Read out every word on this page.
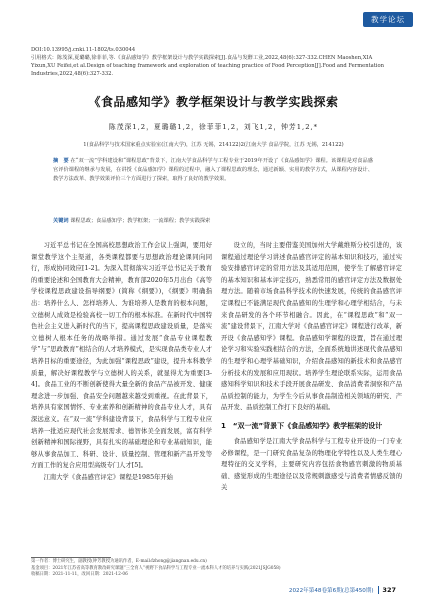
教学论坛
DOI:10.13995/j.cnki.11-1802/ts.030044
引用格式：陈茂深,夏璐璐,徐菲菲,等.《食品感知学》教学框架设计与教学实践探索[J].食品与发酵工业,2022,48(6):327-332.CHEN Maoshen,XIA Yixun,XU Feifei,et al.Design of teaching framework and exploration of teaching practice of Food Perception[J].Food and Fermentation Industries,2022,48(6):327-332.
《食品感知学》教学框架设计与教学实践探索
陈茂深1,2，夏璐璐1,2，徐菲菲1,2，刘飞1,2，钟芳1,2,*
1(食品科学与技术国家重点实验室(江南大学)，江苏 无锡，214122)2(江南大学 食品学院，江苏 无锡，214122)
摘　要 在“双一流”学科建设和“课程思政”背景下，江南大学食品科学与工程专业于2019年开设了《食品感知学》课程。该课程是对食品感官评价课程的继承与发展，在讲授《食品感知学》课程的过程中，融入了课程思政的理念，通过新颖、实用的教学方式，从课程内容设计、教学方法改革、教学效果评价三个方面进行了探索，取得了良好的教学效果。
关键词 课程思政；食品感知学；教学框架；一流课程；教学实践探索

习近平总书记在全国高校思想政治工作会议上强调，要用好课堂教学这个主渠道，各类课程都要与思想政治理论课同向同行，形成协同效应[1-2]。为深入贯彻落实习近平总书记关于教育的重要论述和全国教育大会精神，教育部2020年5月出台《高等学校课程思政建设指导纲要》(简称《纲要》)，《纲要》明确指出：培养什么人、怎样培养人、为谁培养人是教育的根本问题，立德树人成效是检验高校一切工作的根本标准。在新时代中国特色社会主义进入新时代的当下，提高课程思政建设质量，是落实立德树人根本任务的战略举措。通过发展“食品专业课程教学”与“思政教育”相结合的人才培养模式，是实现食品类专业人才培养目标的重要途径，为此加强“课程思政”建设，提升本科教学质量，解决好课程教学与立德树人的关系，就显得尤为重要[3-4]。食品工业的不断创新使得大量全新的食品产品被开发、健康理念进一步加强、食品安全问题越来越受到重视。在此背景下，培养具有家国情怀、专业素养和创新精神的食品专业人才，具有深远意义。在“双一流”学科建设背景下，食品科学与工程专业应培养一批适应现代社会发展需求、德智体美全面发展，富有科学创新精神和国际视野，具有扎实的基础理论和专业基础知识，能够从事食品加工、科研、设计、质量控制、管理和新产品开发等方面工作的复合应用型高级专门人才[5]。

江南大学《食品感官评定》课程是1985年开始

设立的，当时主要借鉴美国加州大学戴维斯分校引进的，该课程通过理论学习讲述食品感官评定的基本知识和技巧，通过实验安排感官评定的常用方法及其适用范围，使学生了解感官评定的基本知识和基本评定技巧，熟悉常用的感官评定方法及数据处理方法。随着市场食品科学技术的快速发展，传统的食品感官评定课程已不能满足现代食品感知的生理学和心理学相结合，与未来食品研发的各个环节相融合。因此，在“课程思政”和“双一流”建设背景下，江南大学对《食品感官评定》课程进行改革，新开设《食品感知学》课程。食品感知学课程的设置，旨在通过理论学习和实验实践相结合的方法，全面系统地讲述现代食品感知的生理学和心理学基础知识，介绍食品感知的新技术和食品感官分析技术的发展和应用现状。培养学生理论联系实际，运用食品感知科学知识和技术手段开展食品研发、食品消费者洞察和产品品质控制的能力，为学生今后从事食品制造相关领域的研究、产品开发、品质控制工作打下良好的基础。

1　“双一流”背景下《食品感知学》教学框架的设计

食品感知学是江南大学食品科学与工程专业开设的一门专业必修课程，是一门研究食品复杂的物理化学特性以及人类生理心理特征的交叉学科，主要研究内容包括食物感官刺激的物质基础、感觉形成的生理途径以及常规刺激感受与消费者情感反馈的关

第一作者：博士研究生，副教授(钟芳教授为通讯作者，E-mail:fzhong@jiangnan.edu.cn)
基金项目：2021年江苏省高等教育教改研究课题“三全育人”视野下食品科学与工程专业一流本科人才的培养与实践(2021JSJG058)
收稿日期：2021-11-11，改回日期：2021-12-06
2022年第48卷第6期(总第450期) 327
